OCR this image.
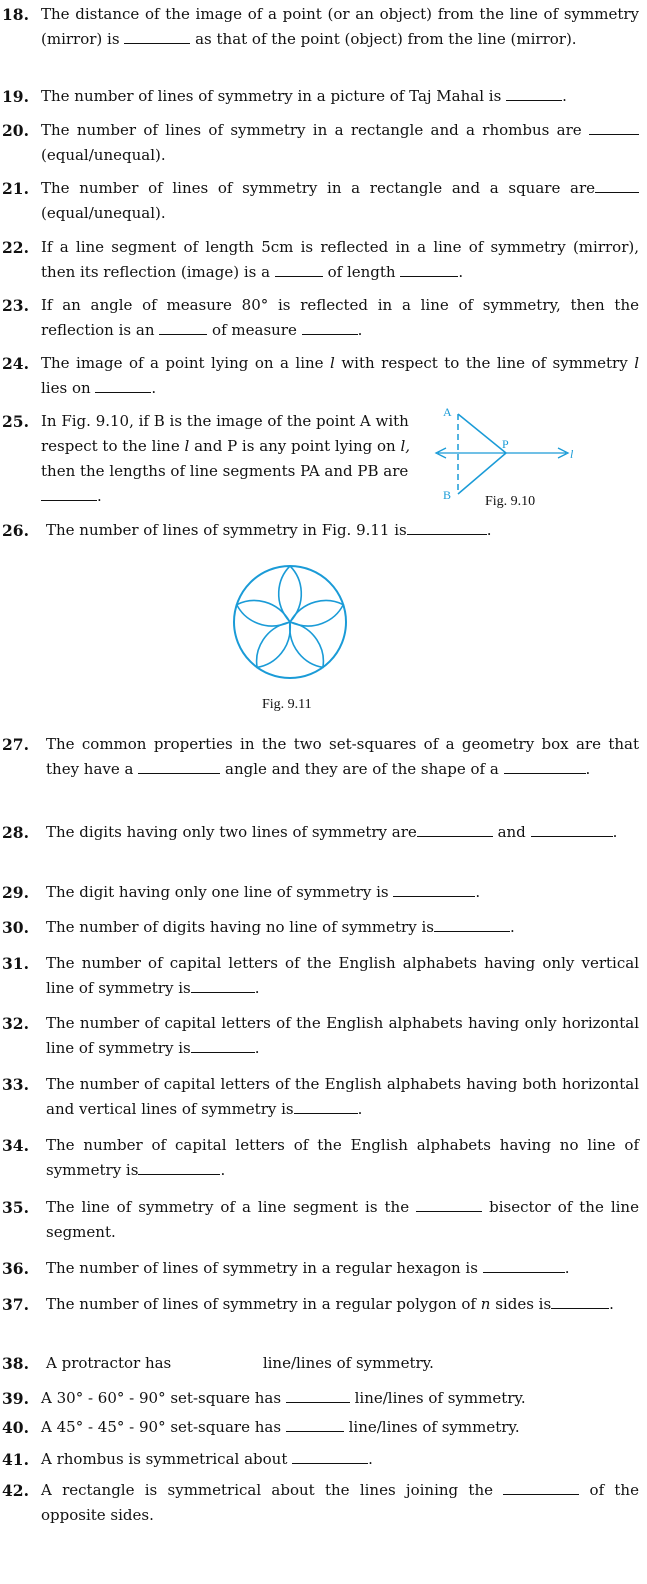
18. The distance of the image of a point (or an object) from the line of symmetry (mirror) is	as that of the point (object) from the line (mirror).
19. The number of lines of symmetry in a picture of Taj Mahal is	.
20. The number of lines of symmetry in a rectangle and a rhombus are  (equal/unequal).
21. The number of lines of symmetry in a rectangle and a square are (equal/unequal).
22. If a line segment of length 5cm is reflected in a line of symmetry (mirror), then its reflection (image) is a	of length	.
23. If an angle of measure 80° is reflected in a line of symmetry, then the reflection is an	of measure	.
24. The image of a point lying on a line l with respect to the line of symmetry l lies on	.
25. In Fig. 9.10, if B is the image of the point A with respect to the line l and P is any point lying on l, then the lengths of line segments PA and PB are .
A
B
P
l
Fig. 9.10
26. The number of lines of symmetry in Fig. 9.11 is	.
Fig. 9.11
27. The common properties in the two set-squares of a geometry box are that they have a	angle and they are of the shape of a	.
28. The digits having only two lines of symmetry are	and	.
29. The digit having only one line of symmetry is	.
30. The number of digits having no line of symmetry is	.
31. The number of capital letters of the English alphabets having only vertical line of symmetry is	.
32. The number of capital letters of the English alphabets having only horizontal line of symmetry is	.
33. The number of capital letters of the English alphabets having both horizontal and vertical lines of symmetry is	.
34. The number of capital letters of the English alphabets having no line of symmetry is	.
35. The line of symmetry of a line segment is the	bisector of the line segment.
36. The number of lines of symmetry in a regular hexagon is	.
37. The number of lines of symmetry in a regular polygon of n sides is	.
38. A protractor has	line/lines of symmetry.
39. A 30° - 60° - 90° set-square has	line/lines of symmetry.
40. A 45° - 45° - 90° set-square has	line/lines of symmetry.
41. A rhombus is symmetrical about	.
42. A rectangle is symmetrical about the lines joining the	of the opposite sides.
